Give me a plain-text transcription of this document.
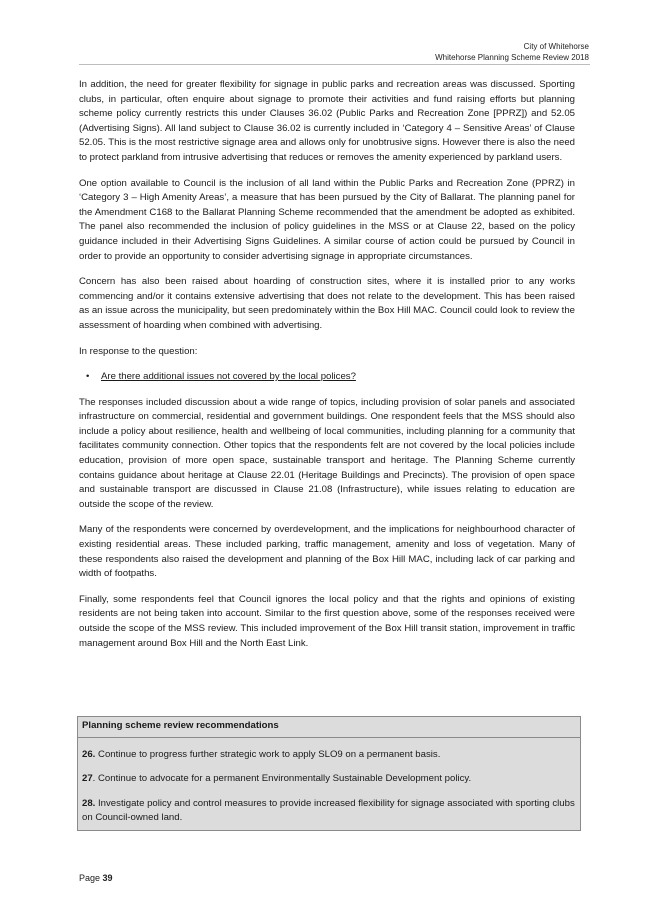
City of Whitehorse
Whitehorse Planning Scheme Review 2018

In addition, the need for greater flexibility for signage in public parks and recreation areas was discussed. Sporting clubs, in particular, often enquire about signage to promote their activities and fund raising efforts but planning scheme policy currently restricts this under Clauses 36.02 (Public Parks and Recreation Zone [PPRZ]) and 52.05 (Advertising Signs). All land subject to Clause 36.02 is currently included in ‘Category 4 – Sensitive Areas’ of Clause 52.05. This is the most restrictive signage area and allows only for unobtrusive signs. However there is also the need to protect parkland from intrusive advertising that reduces or removes the amenity experienced by parkland users.

One option available to Council is the inclusion of all land within the Public Parks and Recreation Zone (PPRZ) in ‘Category 3 – High Amenity Areas’, a measure that has been pursued by the City of Ballarat. The planning panel for the Amendment C168 to the Ballarat Planning Scheme recommended that the amendment be adopted as exhibited. The panel also recommended the inclusion of policy guidelines in the MSS or at Clause 22, based on the policy guidance included in their Advertising Signs Guidelines. A similar course of action could be pursued by Council in order to provide an opportunity to consider advertising signage in appropriate circumstances.

Concern has also been raised about hoarding of construction sites, where it is installed prior to any works commencing and/or it contains extensive advertising that does not relate to the development. This has been raised as an issue across the municipality, but seen predominately within the Box Hill MAC. Council could look to review the assessment of hoarding when combined with advertising.

In response to the question:

• Are there additional issues not covered by the local polices?

The responses included discussion about a wide range of topics, including provision of solar panels and associated infrastructure on commercial, residential and government buildings. One respondent feels that the MSS should also include a policy about resilience, health and wellbeing of local communities, including planning for a community that facilitates community connection. Other topics that the respondents felt are not covered by the local policies include education, provision of more open space, sustainable transport and heritage. The Planning Scheme currently contains guidance about heritage at Clause 22.01 (Heritage Buildings and Precincts). The provision of open space and sustainable transport are discussed in Clause 21.08 (Infrastructure), while issues relating to education are outside the scope of the review.

Many of the respondents were concerned by overdevelopment, and the implications for neighbourhood character of existing residential areas. These included parking, traffic management, amenity and loss of vegetation. Many of these respondents also raised the development and planning of the Box Hill MAC, including lack of car parking and width of footpaths.

Finally, some respondents feel that Council ignores the local policy and that the rights and opinions of existing residents are not being taken into account. Similar to the first question above, some of the responses received were outside the scope of the MSS review. This included improvement of the Box Hill transit station, improvement in traffic management around Box Hill and the North East Link.

Planning scheme review recommendations
26. Continue to progress further strategic work to apply SLO9 on a permanent basis.
27. Continue to advocate for a permanent Environmentally Sustainable Development policy.
28. Investigate policy and control measures to provide increased flexibility for signage associated with sporting clubs on Council-owned land.
Page 39
